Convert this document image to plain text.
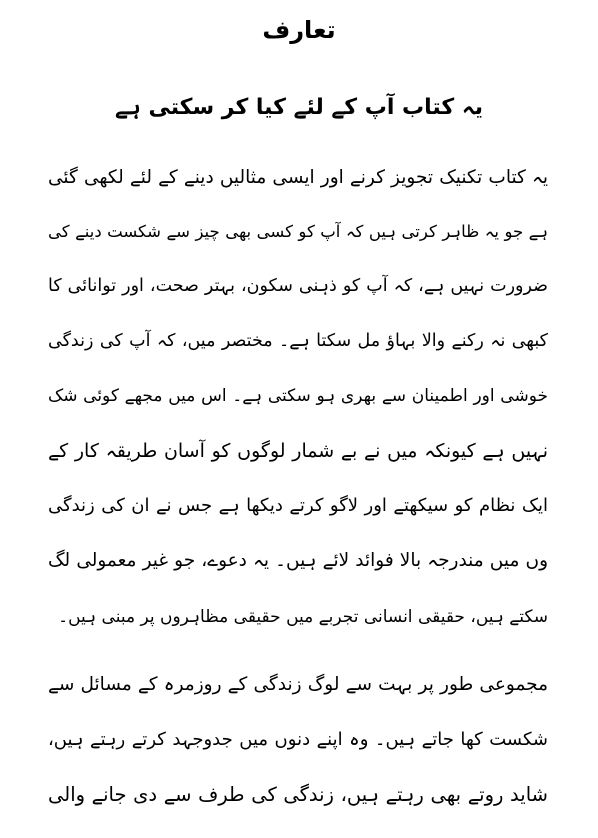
تعارف
یہ کتاب آپ کے لئے کیا کر سکتی ہے
یہ کتاب تکنیک تجویز کرنے اور ایسی مثالیں دینے کے لئے لکھی گئی
ہے جو یہ ظاہر کرتی ہیں کہ آپ کو کسی بھی چیز سے شکست دینے کی
ضرورت نہیں ہے، کہ آپ کو ذہنی سکون، بہتر صحت، اور توانائی کا
کبھی نہ رکنے والا بہاؤ مل سکتا ہے۔ مختصر میں، کہ آپ کی زندگی
خوشی اور اطمینان سے بھری ہو سکتی ہے۔ اس میں مجھے کوئی شک
نہیں ہے کیونکہ میں نے بے شمار لوگوں کو آسان طریقہ کار کے
ایک نظام کو سیکھتے اور لاگو کرتے دیکھا ہے جس نے ان کی زندگی
وں میں مندرجہ بالا فوائد لائے ہیں۔ یہ دعوے، جو غیر معمولی لگ
سکتے ہیں، حقیقی انسانی تجربے میں حقیقی مظاہروں پر مبنی ہیں۔
مجموعی طور پر بہت سے لوگ زندگی کے روزمرہ کے مسائل سے
شکست کھا جاتے ہیں۔ وہ اپنے دنوں میں جدوجہد کرتے رہتے ہیں،
شاید روتے بھی رہتے ہیں، زندگی کی طرف سے دی جانے والی
